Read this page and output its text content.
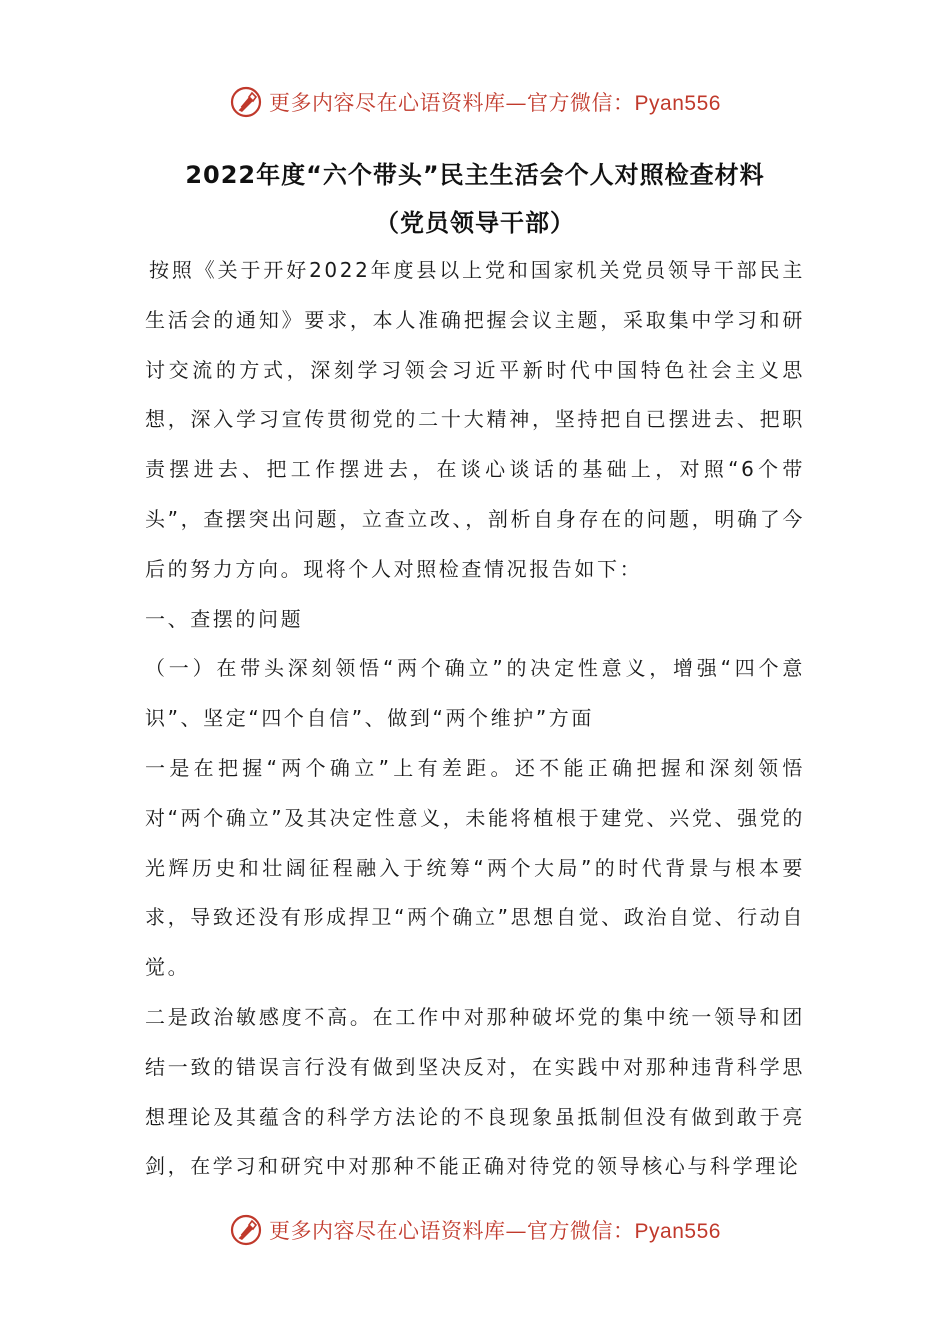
更多内容尽在心语资料库—官方微信：Pyan556
2022年度“六个带头”民主生活会个人对照检查材料
（党员领导干部）

按照《关于开好2022年度县以上党和国家机关党员领导干部民主生活会的通知》要求，本人准确把握会议主题，采取集中学习和研讨交流的方式，深刻学习领会习近平新时代中国特色社会主义思想，深入学习宣传贯彻党的二十大精神，坚持把自已摆进去、把职责摆进去、把工作摆进去，在谈心谈话的基础上，对照“6个带头”，查摆突出问题，立查立改、，剖析自身存在的问题，明确了今后的努力方向。现将个人对照检查情况报告如下：

一、查摆的问题

（一）在带头深刻领悟“两个确立”的决定性意义，增强“四个意识”、坚定“四个自信”、做到“两个维护”方面

一是在把握“两个确立”上有差距。还不能正确把握和深刻领悟对“两个确立”及其决定性意义，未能将植根于建党、兴党、强党的光辉历史和壮阔征程融入于统筹“两个大局”的时代背景与根本要求，导致还没有形成捍卫“两个确立”思想自觉、政治自觉、行动自觉。

二是政治敏感度不高。在工作中对那种破坏党的集中统一领导和团结一致的错误言行没有做到坚决反对，在实践中对那种违背科学思想理论及其蕴含的科学方法论的不良现象虽抵制但没有做到敢于亮剑，在学习和研究中对那种不能正确对待党的领导核心与科学理论

更多内容尽在心语资料库—官方微信：Pyan556
